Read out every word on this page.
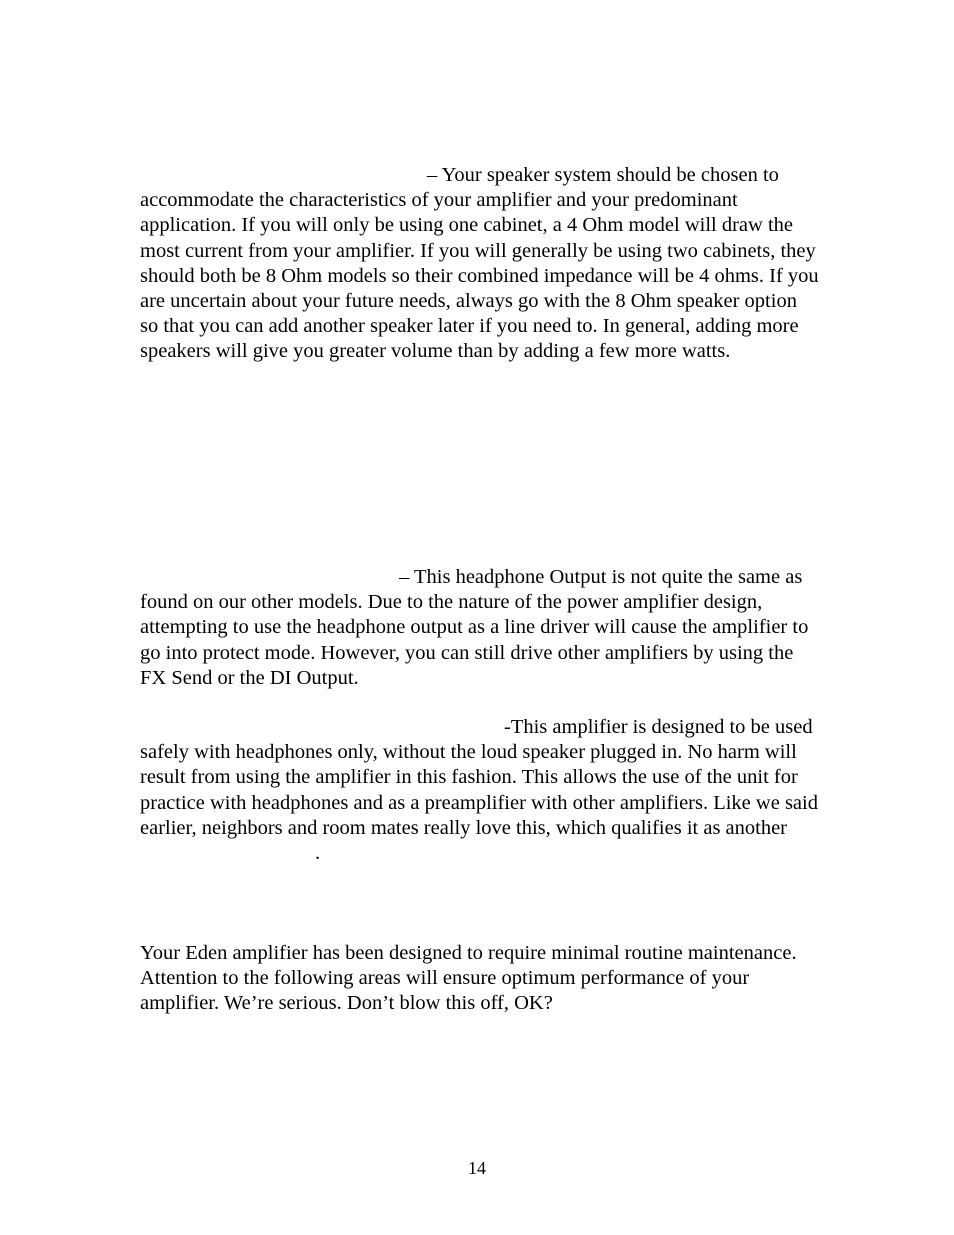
– Your speaker system should be chosen to accommodate the characteristics of your amplifier and your predominant application. If you will only be using one cabinet, a 4 Ohm model will draw the most current from your amplifier. If you will generally be using two cabinets, they should both be 8 Ohm models so their combined impedance will be 4 ohms. If you are uncertain about your future needs, always go with the 8 Ohm speaker option so that you can add another speaker later if you need to. In general, adding more speakers will give you greater volume than by adding a few more watts.

– This headphone Output is not quite the same as found on our other models. Due to the nature of the power amplifier design, attempting to use the headphone output as a line driver will cause the amplifier to go into protect mode. However, you can still drive other amplifiers by using the FX Send or the DI Output.

-This amplifier is designed to be used safely with headphones only, without the loud speaker plugged in. No harm will result from using the amplifier in this fashion. This allows the use of the unit for practice with headphones and as a preamplifier with other amplifiers. Like we said earlier, neighbors and room mates really love this, which qualifies it as another .

Your Eden amplifier has been designed to require minimal routine maintenance. Attention to the following areas will ensure optimum performance of your amplifier. We’re serious. Don’t blow this off, OK?

14
